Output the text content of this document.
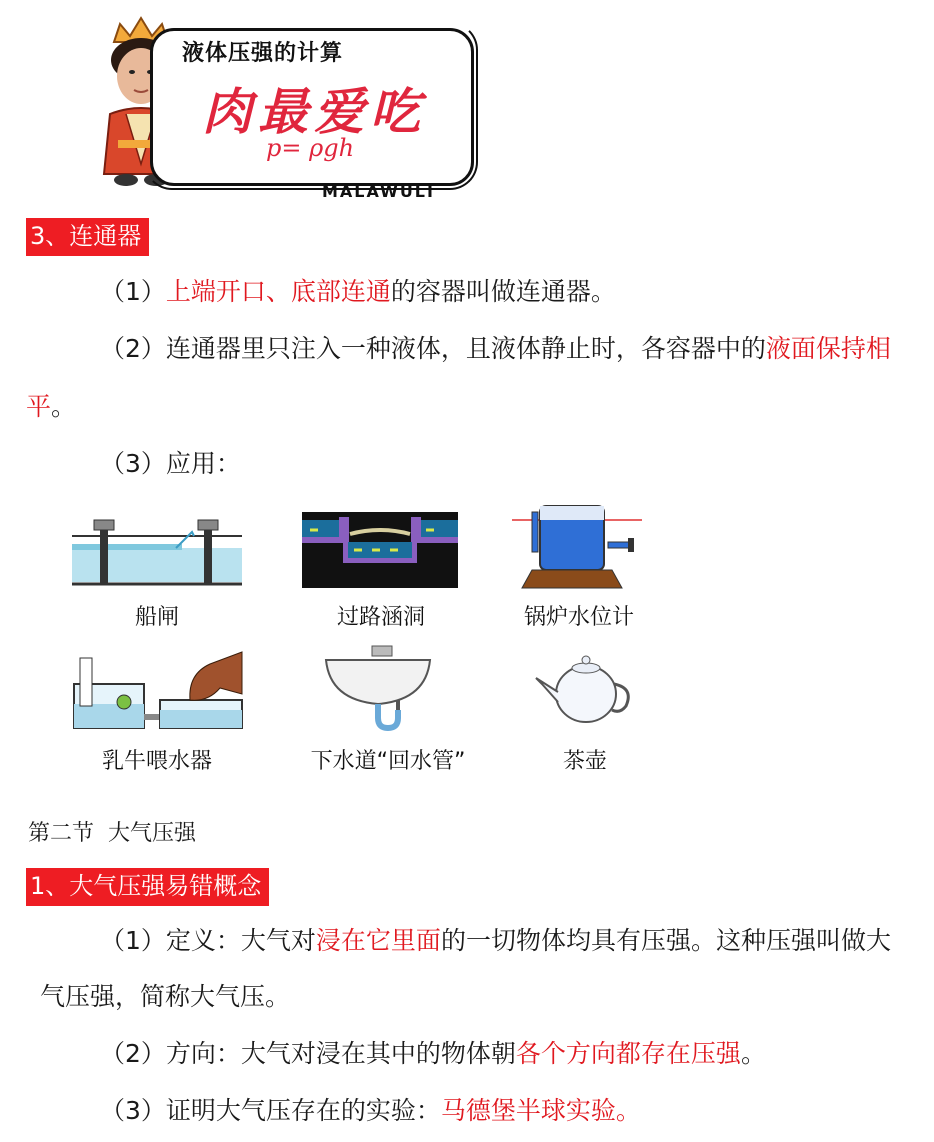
液体压强的计算
肉最爱吃
p= ρgh
MALAWULI
3、连通器
（1）上端开口、底部连通的容器叫做连通器。
（2）连通器里只注入一种液体，且液体静止时，各容器中的液面保持相
平。
（3）应用：
船闸	过路涵洞	锅炉水位计
乳牛喂水器	下水道“回水管”	茶壶
第二节  大气压强
1、大气压强易错概念
（1）定义：大气对浸在它里面的一切物体均具有压强。这种压强叫做大
气压强，简称大气压。
（2）方向：大气对浸在其中的物体朝各个方向都存在压强。
（3）证明大气压存在的实验：马德堡半球实验。
